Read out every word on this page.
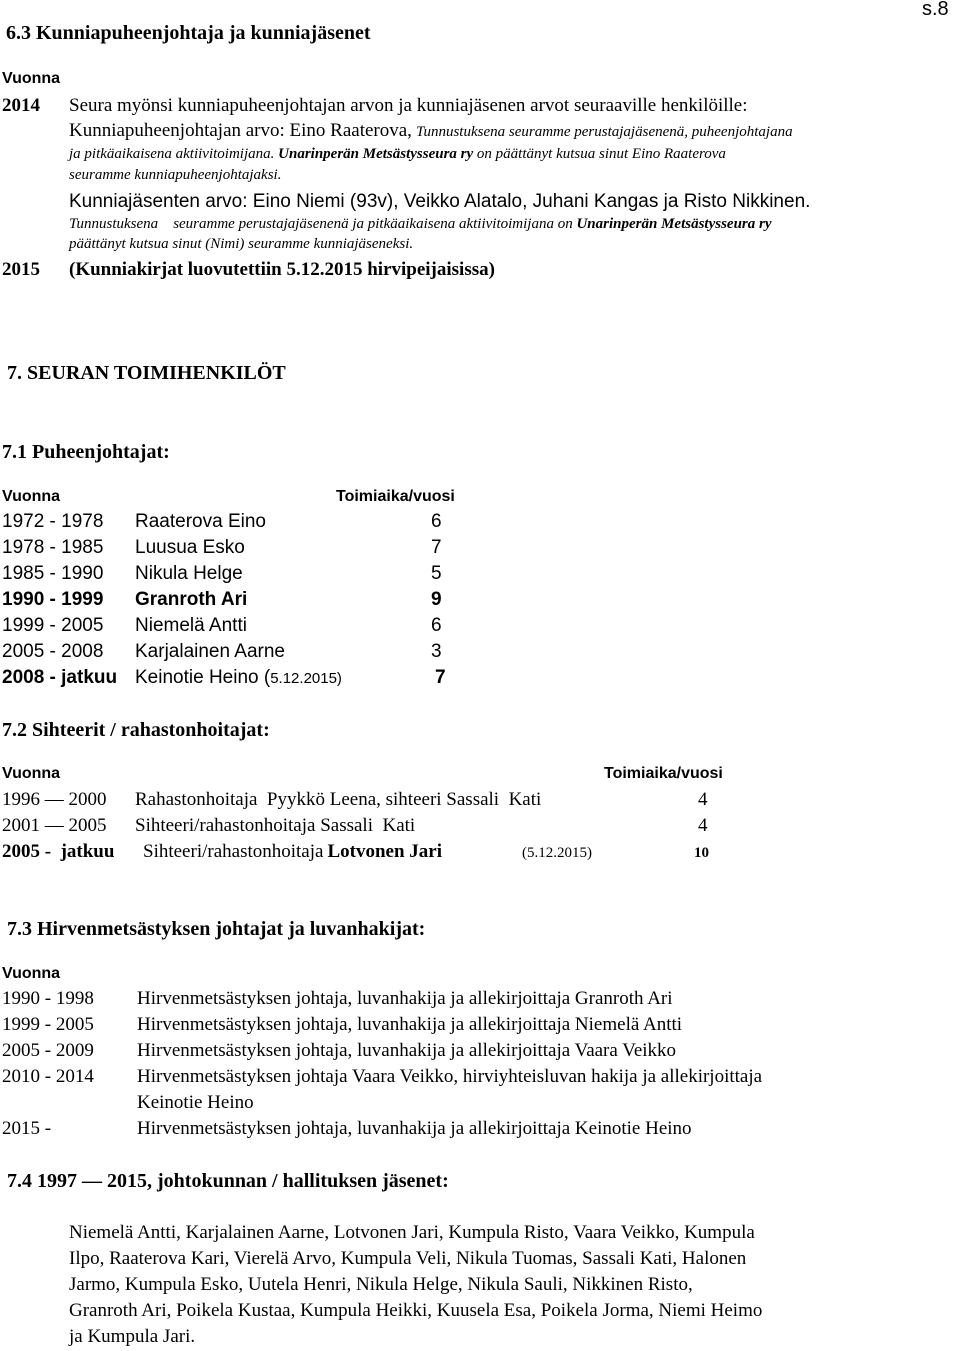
s.8
6.3 Kunniapuheenjohtaja ja kunniajäsenet
Vuonna
2014 Seura myönsi kunniapuheenjohtajan arvon ja kunniajäsenen arvot seuraaville henkilöille:
Kunniapuheenjohtajan arvo: Eino Raaterova, Tunnustuksena seuramme perustajajäsenenä, puheenjohtajana
ja pitkäaikaisena aktiivitoimijana. Unarinperän Metsästysseura ry on päättänyt kutsua sinut Eino Raaterova
seuramme kunniapuheenjohtajaksi.
Kunniajäsenten arvo: Eino Niemi (93v), Veikko Alatalo, Juhani Kangas ja Risto Nikkinen.
Tunnustuksena seuramme perustajajäsenenä ja pitkäaikaisena aktiivitoimijana on Unarinperän Metsästysseura ry
päättänyt kutsua sinut (Nimi) seuramme kunniajäseneksi.
2015 (Kunniakirjat luovutettiin 5.12.2015 hirvipeijaisissa)
7. SEURAN TOIMIHENKILÖT
7.1 Puheenjohtajat:
Vuonna	Toimiaika/vuosi
1972 - 1978 Raaterova Eino	6
1978 - 1985 Luusua Esko	7
1985 - 1990 Nikula Helge	5
1990 - 1999 Granroth Ari	9
1999 - 2005 Niemelä Antti	6
2005 - 2008 Karjalainen Aarne	3
2008 - jatkuu Keinotie Heino (5.12.2015)	7
7.2 Sihteerit / rahastonhoitajat:
Vuonna	Toimiaika/vuosi
1996 — 2000 Rahastonhoitaja  Pyykkö Leena, sihteeri Sassali  Kati	4
2001 — 2005 Sihteeri/rahastonhoitaja Sassali  Kati	4
2005 -  jatkuu Sihteeri/rahastonhoitaja Lotvonen Jari	(5.12.2015)	10
7.3 Hirvenmetsästyksen johtajat ja luvanhakijat:
Vuonna
1990 - 1998 Hirvenmetsästyksen johtaja, luvanhakija ja allekirjoittaja Granroth Ari
1999 - 2005 Hirvenmetsästyksen johtaja, luvanhakija ja allekirjoittaja Niemelä Antti
2005 - 2009 Hirvenmetsästyksen johtaja, luvanhakija ja allekirjoittaja Vaara Veikko
2010 - 2014 Hirvenmetsästyksen johtaja Vaara Veikko, hirviyhteisluvan hakija ja allekirjoittaja
Keinotie Heino
2015 -	Hirvenmetsästyksen johtaja, luvanhakija ja allekirjoittaja Keinotie Heino
7.4 1997 — 2015, johtokunnan / hallituksen jäsenet:
Niemelä Antti, Karjalainen Aarne, Lotvonen Jari, Kumpula Risto, Vaara Veikko, Kumpula
Ilpo, Raaterova Kari, Vierelä Arvo, Kumpula Veli, Nikula Tuomas, Sassali Kati, Halonen
Jarmo, Kumpula Esko, Uutela Henri, Nikula Helge, Nikula Sauli, Nikkinen Risto,
Granroth Ari, Poikela Kustaa, Kumpula Heikki, Kuusela Esa, Poikela Jorma, Niemi Heimo
ja Kumpula Jari.
